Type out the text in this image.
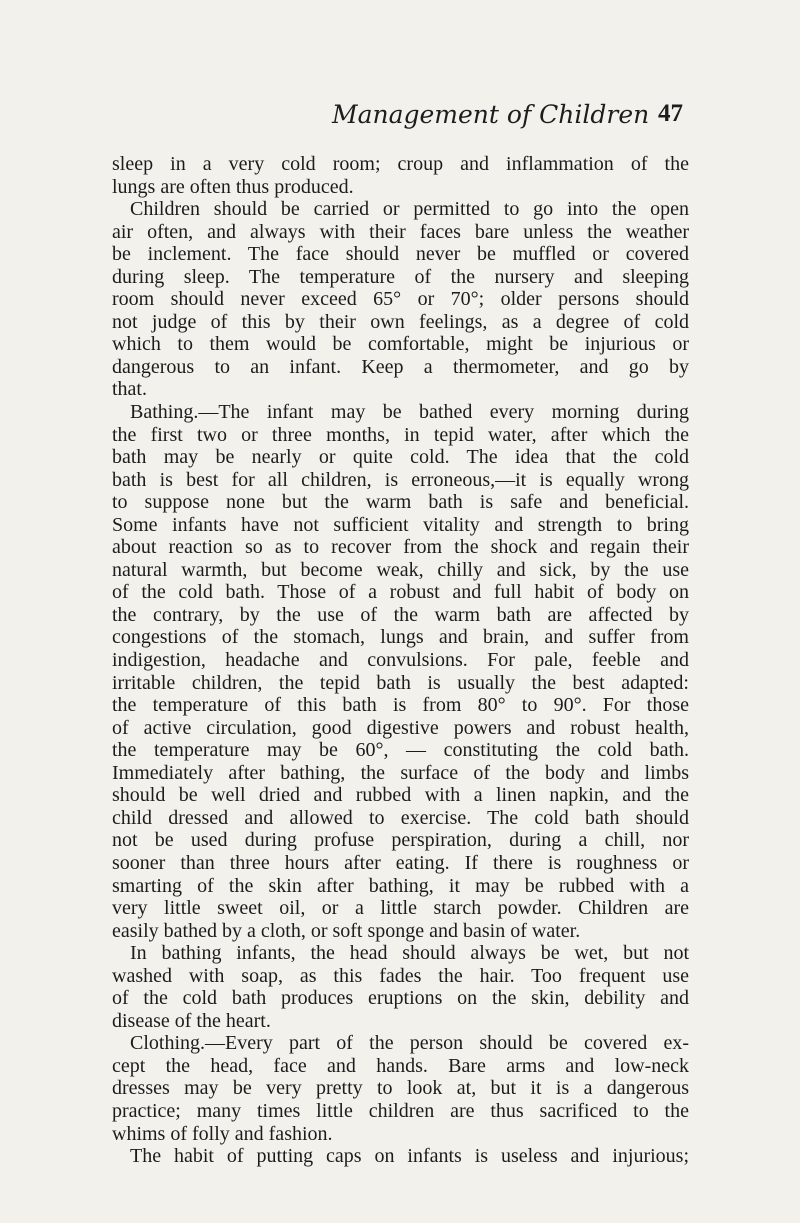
Management of Children 47
sleep in a very cold room; croup and inflammation of the
lungs are often thus produced.
Children should be carried or permitted to go into the open
air often, and always with their faces bare unless the weather
be inclement. The face should never be muffled or covered
during sleep. The temperature of the nursery and sleeping
room should never exceed 65° or 70°; older persons should
not judge of this by their own feelings, as a degree of cold
which to them would be comfortable, might be injurious or
dangerous to an infant. Keep a thermometer, and go by
that.
Bathing.—The infant may be bathed every morning during
the first two or three months, in tepid water, after which the
bath may be nearly or quite cold. The idea that the cold
bath is best for all children, is erroneous,—it is equally wrong
to suppose none but the warm bath is safe and beneficial.
Some infants have not sufficient vitality and strength to bring
about reaction so as to recover from the shock and regain their
natural warmth, but become weak, chilly and sick, by the use
of the cold bath. Those of a robust and full habit of body on
the contrary, by the use of the warm bath are affected by
congestions of the stomach, lungs and brain, and suffer from
indigestion, headache and convulsions. For pale, feeble and
irritable children, the tepid bath is usually the best adapted:
the temperature of this bath is from 80° to 90°. For those
of active circulation, good digestive powers and robust health,
the temperature may be 60°, — constituting the cold bath.
Immediately after bathing, the surface of the body and limbs
should be well dried and rubbed with a linen napkin, and the
child dressed and allowed to exercise. The cold bath should
not be used during profuse perspiration, during a chill, nor
sooner than three hours after eating. If there is roughness or
smarting of the skin after bathing, it may be rubbed with a
very little sweet oil, or a little starch powder. Children are
easily bathed by a cloth, or soft sponge and basin of water.
In bathing infants, the head should always be wet, but not
washed with soap, as this fades the hair. Too frequent use
of the cold bath produces eruptions on the skin, debility and
disease of the heart.
Clothing.—Every part of the person should be covered ex-
cept the head, face and hands. Bare arms and low-neck
dresses may be very pretty to look at, but it is a dangerous
practice; many times little children are thus sacrificed to the
whims of folly and fashion.
The habit of putting caps on infants is useless and injurious;
